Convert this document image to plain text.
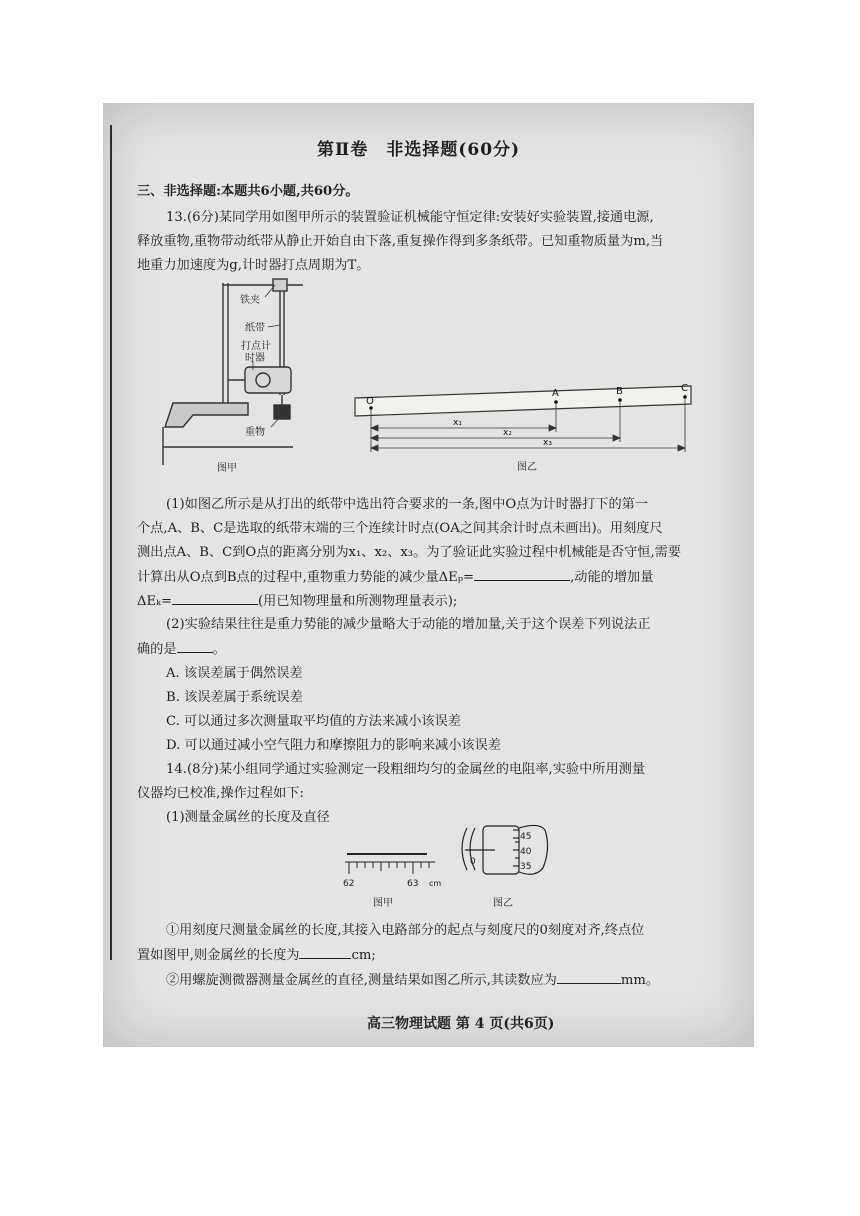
第Ⅱ卷　非选择题(60分)
三、非选择题:本题共6小题,共60分。
13.(6分)某同学用如图甲所示的装置验证机械能守恒定律:安装好实验装置,接通电源,
释放重物,重物带动纸带从静止开始自由下落,重复操作得到多条纸带。已知重物质量为m,当
地重力加速度为g,计时器打点周期为T。
铁夹
纸带
打点计
时器
重物
图甲
O
A	B	C
x₁
x₂
x₃
图乙
(1)如图乙所示是从打出的纸带中选出符合要求的一条,图中O点为计时器打下的第一
个点,A、B、C是选取的纸带末端的三个连续计时点(OA之间其余计时点未画出)。用刻度尺
测出点A、B、C到O点的距离分别为x₁、x₂、x₃。为了验证此实验过程中机械能是否守恒,需要
计算出从O点到B点的过程中,重物重力势能的减少量ΔEₚ=	,动能的增加量
ΔEₖ=	(用已知物理量和所测物理量表示);
(2)实验结果往往是重力势能的减少量略大于动能的增加量,关于这个误差下列说法正
确的是	。
A. 该误差属于偶然误差
B. 该误差属于系统误差
C. 可以通过多次测量取平均值的方法来减小该误差
D. 可以通过减小空气阻力和摩擦阻力的影响来减小该误差
14.(8分)某小组同学通过实验测定一段粗细均匀的金属丝的电阻率,实验中所用测量
仪器均已校准,操作过程如下:
(1)测量金属丝的长度及直径
62	63 cm
图甲
45
40
35
0
图乙
①用刻度尺测量金属丝的长度,其接入电路部分的起点与刻度尺的0刻度对齐,终点位
置如图甲,则金属丝的长度为	cm;
②用螺旋测微器测量金属丝的直径,测量结果如图乙所示,其读数应为	mm。
高三物理试题 第 4 页(共6页)
